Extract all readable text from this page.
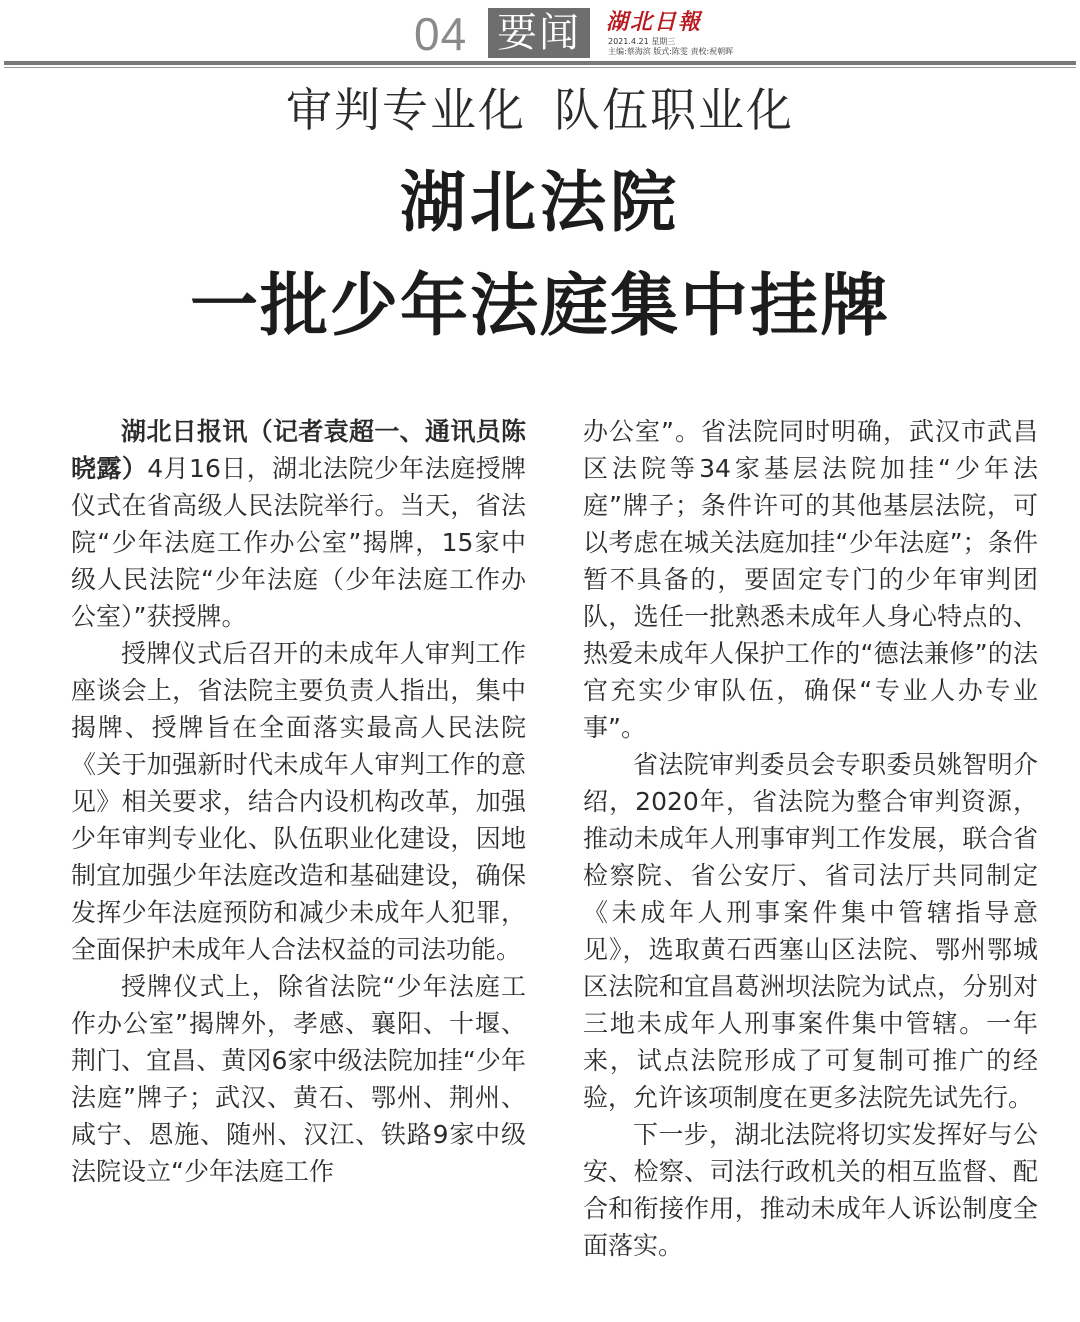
04 要闻	湖北日報
2021.4.21 星期三
主编:蔡海滨 版式:陈雯 责校:祝朝晖
审判专业化 队伍职业化
湖北法院
一批少年法庭集中挂牌

湖北日报讯（记者袁超一、通讯员陈晓露）4月16日，湖北法院少年法庭授牌仪式在省高级人民法院举行。当天，省法院“少年法庭工作办公室”揭牌，15家中级人民法院“少年法庭（少年法庭工作办公室）”获授牌。

授牌仪式后召开的未成年人审判工作座谈会上，省法院主要负责人指出，集中揭牌、授牌旨在全面落实最高人民法院《关于加强新时代未成年人审判工作的意见》相关要求，结合内设机构改革，加强少年审判专业化、队伍职业化建设，因地制宜加强少年法庭改造和基础建设，确保发挥少年法庭预防和减少未成年人犯罪，全面保护未成年人合法权益的司法功能。

授牌仪式上，除省法院“少年法庭工作办公室”揭牌外，孝感、襄阳、十堰、荆门、宜昌、黄冈6家中级法院加挂“少年法庭”牌子；武汉、黄石、鄂州、荆州、咸宁、恩施、随州、汉江、铁路9家中级法院设立“少年法庭工作

办公室”。省法院同时明确，武汉市武昌区法院等34家基层法院加挂“少年法庭”牌子；条件许可的其他基层法院，可以考虑在城关法庭加挂“少年法庭”；条件暂不具备的，要固定专门的少年审判团队，选任一批熟悉未成年人身心特点的、热爱未成年人保护工作的“德法兼修”的法官充实少审队伍，确保“专业人办专业事”。

省法院审判委员会专职委员姚智明介绍，2020年，省法院为整合审判资源，推动未成年人刑事审判工作发展，联合省检察院、省公安厅、省司法厅共同制定《未成年人刑事案件集中管辖指导意见》，选取黄石西塞山区法院、鄂州鄂城区法院和宜昌葛洲坝法院为试点，分别对三地未成年人刑事案件集中管辖。一年来，试点法院形成了可复制可推广的经验，允许该项制度在更多法院先试先行。

下一步，湖北法院将切实发挥好与公安、检察、司法行政机关的相互监督、配合和衔接作用，推动未成年人诉讼制度全面落实。
